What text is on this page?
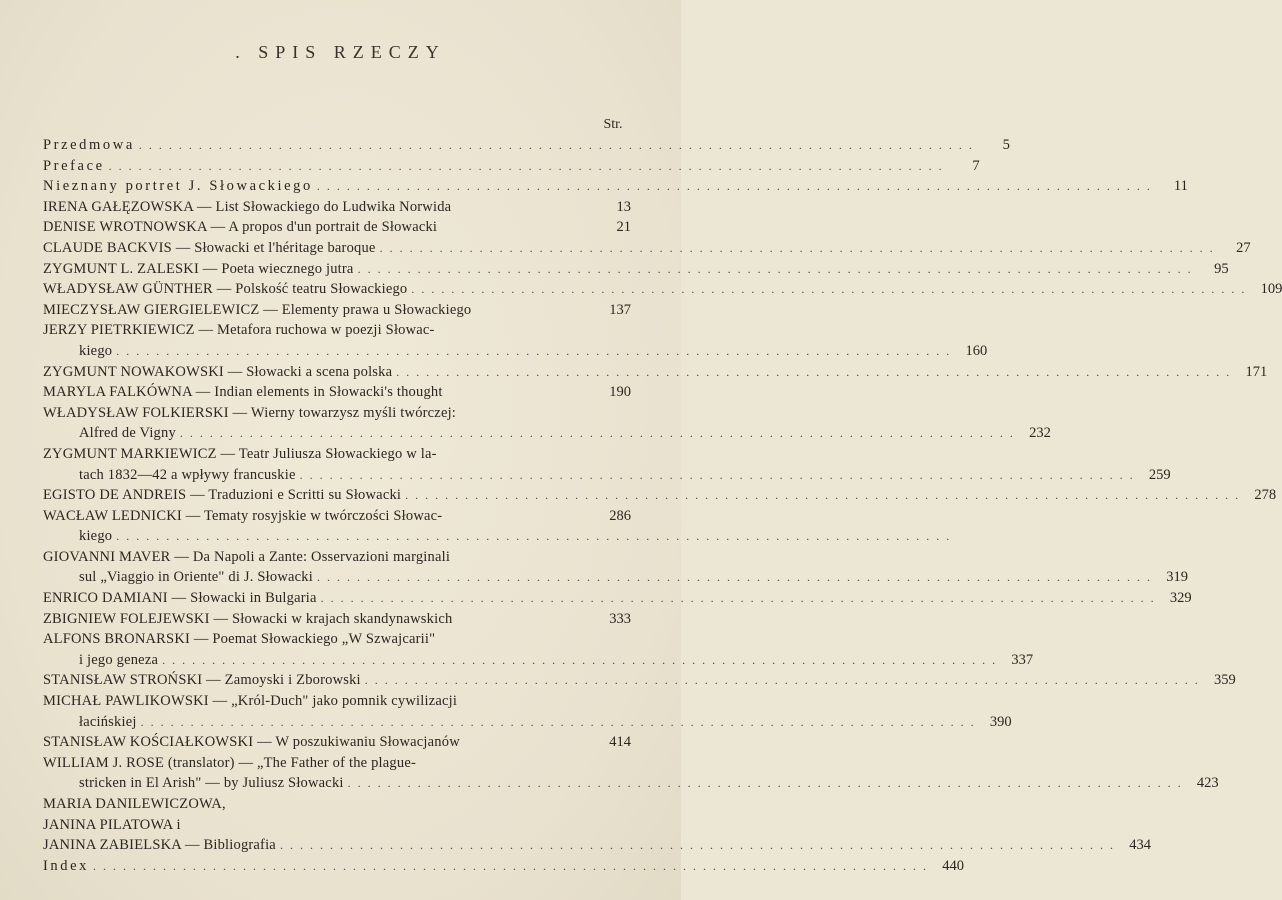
. SPIS RZECZY
Str.
Przedmowa . . .	5
Preface . . .	7
Nieznany portret J. Słowackiego . . .	11
IRENA GAŁĘZOWSKA — List Słowackiego do Ludwika Norwida	13
DENISE WROTNOWSKA — A propos d'un portrait de Słowacki	21
CLAUDE BACKVIS — Słowacki et l'héritage baroque . . .	27
ZYGMUNT L. ZALESKI — Poeta wiecznego jutra . . .	95
WŁADYSŁAW GÜNTHER — Polskość teatru Słowackiego . . .	109
MIECZYSŁAW GIERGIELEWICZ — Elementy prawa u Słowackiego	137
JERZY PIETRKIEWICZ — Metafora ruchowa w poezji Słowac-
kiego . . .	160
ZYGMUNT NOWAKOWSKI — Słowacki a scena polska . . .	171
MARYLA FALKÓWNA — Indian elements in Słowacki's thought	190
WŁADYSŁAW FOLKIERSKI — Wierny towarzysz myśli twórczej:
Alfred de Vigny . . .	232
ZYGMUNT MARKIEWICZ — Teatr Juliusza Słowackiego w la-
tach 1832—42 a wpływy francuskie . . .	259
EGISTO DE ANDREIS — Traduzioni e Scritti su Słowacki . . .	278
WACŁAW LEDNICKI — Tematy rosyjskie w twórczości Słowac-	286
kiego
. . .
GIOVANNI MAVER — Da Napoli a Zante: Osservazioni marginali
sul „Viaggio in Oriente" di J. Słowacki . . .	319
ENRICO DAMIANI — Słowacki in Bulgaria . . .	329
ZBIGNIEW FOLEJEWSKI — Słowacki w krajach skandynawskich	333
ALFONS BRONARSKI — Poemat Słowackiego „W Szwajcarii"
i jego geneza . . .	337
STANISŁAW STROŃSKI — Zamoyski i Zborowski . . .	359
MICHAŁ PAWLIKOWSKI — „Król-Duch" jako pomnik cywilizacji
łacińskiej . . .	390
STANISŁAW KOŚCIAŁKOWSKI — W poszukiwaniu Słowacjanów	414
WILLIAM J. ROSE (translator) — „The Father of the plague-
stricken in El Arish" — by Juliusz Słowacki . . .	423
MARIA DANILEWICZOWA,
JANINA PILATOWA i
JANINA ZABIELSKA — Bibliografia . . .	434
Index . . .	440
